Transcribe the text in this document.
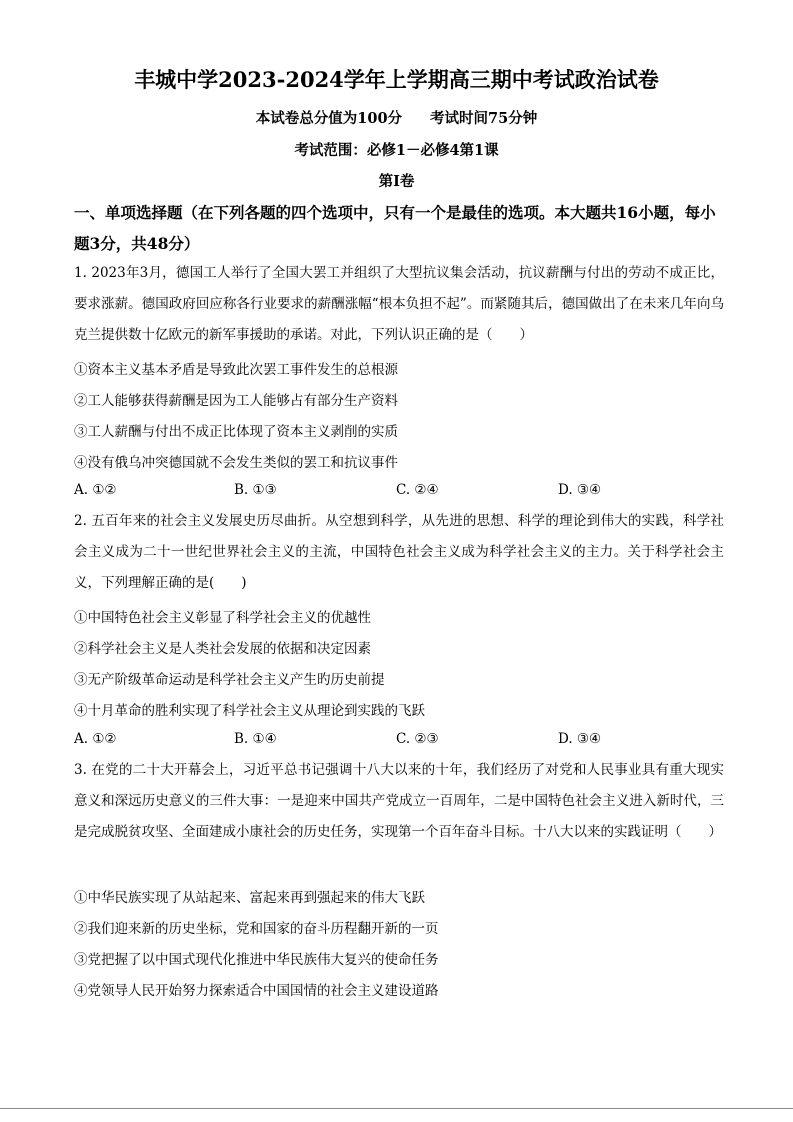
丰城中学2023-2024学年上学期高三期中考试政治试卷
本试卷总分值为100分 考试时间75分钟
考试范围：必修1－必修4第1课
第Ⅰ卷
一、单项选择题（在下列各题的四个选项中，只有一个是最佳的选项。本大题共16小题，每小题3分，共48分）
1. 2023年3月，德国工人举行了全国大罢工并组织了大型抗议集会活动，抗议薪酬与付出的劳动不成正比，要求涨薪。德国政府回应称各行业要求的薪酬涨幅“根本负担不起”。而紧随其后，德国做出了在未来几年向乌克兰提供数十亿欧元的新军事援助的承诺。对此，下列认识正确的是（　　）
①资本主义基本矛盾是导致此次罢工事件发生的总根源
②工人能够获得薪酬是因为工人能够占有部分生产资料
③工人薪酬与付出不成正比体现了资本主义剥削的实质
④没有俄乌冲突德国就不会发生类似的罢工和抗议事件
A. ①②	B. ①③	C. ②④	D. ③④
2. 五百年来的社会主义发展史历尽曲折。从空想到科学，从先进的思想、科学的理论到伟大的实践，科学社会主义成为二十一世纪世界社会主义的主流，中国特色社会主义成为科学社会主义的主力。关于科学社会主义，下列理解正确的是(　　)
①中国特色社会主义彰显了科学社会主义的优越性
②科学社会主义是人类社会发展的依据和决定因素
③无产阶级革命运动是科学社会主义产生旳历史前提
④十月革命的胜利实现了科学社会主义从理论到实践的飞跃
A. ①②	B. ①④	C. ②③	D. ③④
3. 在党的二十大开幕会上，习近平总书记强调十八大以来的十年，我们经历了对党和人民事业具有重大现实意义和深远历史意义的三件大事：一是迎来中国共产党成立一百周年，二是中国特色社会主义进入新时代，三是完成脱贫攻坚、全面建成小康社会的历史任务，实现第一个百年奋斗目标。十八大以来的实践证明（　　）
①中华民族实现了从站起来、富起来再到强起来的伟大飞跃
②我们迎来新的历史坐标，党和国家的奋斗历程翻开新的一页
③党把握了以中国式现代化推进中华民族伟大复兴的使命任务
④党领导人民开始努力探索适合中国国情的社会主义建设道路
